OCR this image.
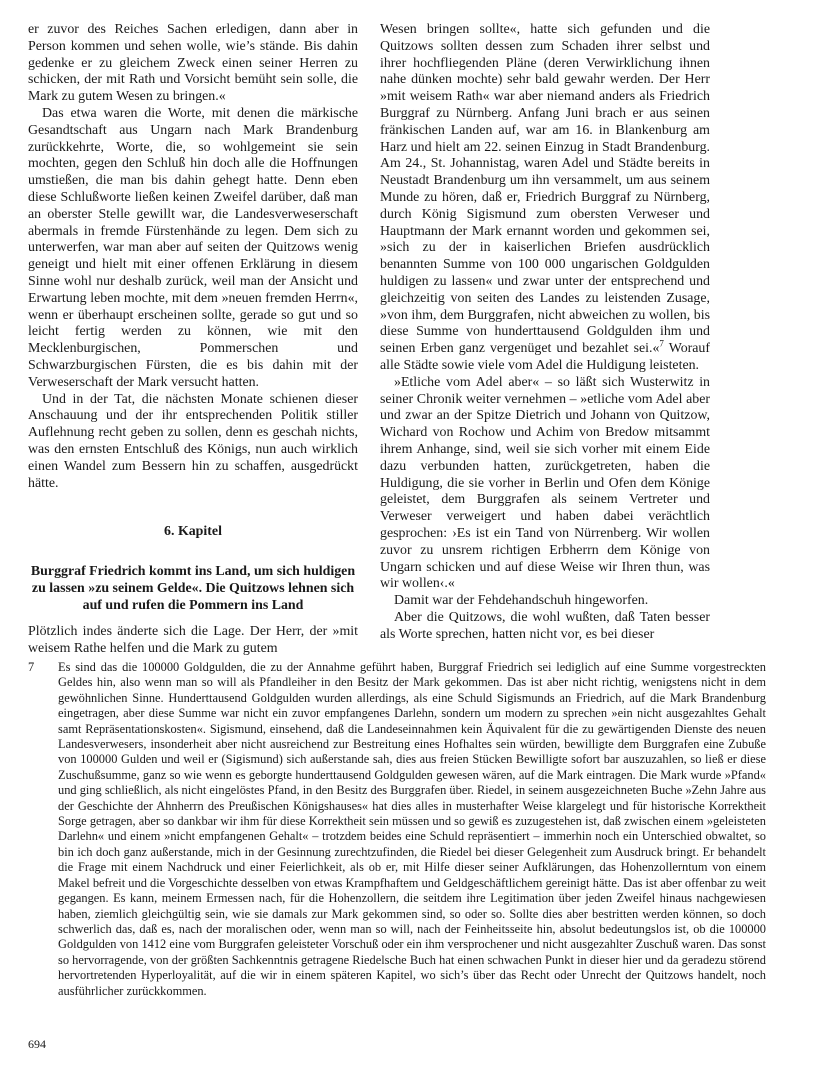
er zuvor des Reiches Sachen erledigen, dann aber in Person kommen und sehen wolle, wie’s stände. Bis dahin gedenke er zu gleichem Zweck einen seiner Herren zu schicken, der mit Rath und Vorsicht bemüht sein solle, die Mark zu gutem Wesen zu bringen.«

Das etwa waren die Worte, mit denen die märkische Gesandtschaft aus Ungarn nach Mark Brandenburg zurückkehrte, Worte, die, so wohlgemeint sie sein mochten, gegen den Schluß hin doch alle die Hoffnungen umstießen, die man bis dahin gehegt hatte. Denn eben diese Schlußworte ließen keinen Zweifel darüber, daß man an oberster Stelle gewillt war, die Landesverweserschaft abermals in fremde Fürstenhände zu legen. Dem sich zu unterwerfen, war man aber auf seiten der Quitzows wenig geneigt und hielt mit einer offenen Erklärung in diesem Sinne wohl nur deshalb zurück, weil man der Ansicht und Erwartung leben mochte, mit dem »neuen fremden Herrn«, wenn er überhaupt erscheinen sollte, gerade so gut und so leicht fertig werden zu können, wie mit den Mecklenburgischen, Pommerschen und Schwarzburgischen Fürsten, die es bis dahin mit der Verweserschaft der Mark versucht hatten.

Und in der Tat, die nächsten Monate schienen dieser Anschauung und der ihr entsprechenden Politik stiller Auflehnung recht geben zu sollen, denn es geschah nichts, was den ernsten Entschluß des Königs, nun auch wirklich einen Wandel zum Bessern hin zu schaffen, ausgedrückt hätte.

6. Kapitel
Burggraf Friedrich kommt ins Land, um sich huldigen zu lassen »zu seinem Gelde«. Die Quitzows lehnen sich auf und rufen die Pommern ins Land

Plötzlich indes änderte sich die Lage. Der Herr, der »mit weisem Rathe helfen und die Mark zu gutem

Wesen bringen sollte«, hatte sich gefunden und die Quitzows sollten dessen zum Schaden ihrer selbst und ihrer hochfliegenden Pläne (deren Verwirklichung ihnen nahe dünken mochte) sehr bald gewahr werden. Der Herr »mit weisem Rath« war aber niemand anders als Friedrich Burggraf zu Nürnberg. Anfang Juni brach er aus seinen fränkischen Landen auf, war am 16. in Blankenburg am Harz und hielt am 22. seinen Einzug in Stadt Brandenburg. Am 24., St. Johannistag, waren Adel und Städte bereits in Neustadt Brandenburg um ihn versammelt, um aus seinem Munde zu hören, daß er, Friedrich Burggraf zu Nürnberg, durch König Sigismund zum obersten Verweser und Hauptmann der Mark ernannt worden und gekommen sei, »sich zu der in kaiserlichen Briefen ausdrücklich benannten Summe von 100 000 ungarischen Goldgulden huldigen zu lassen« und zwar unter der entsprechend und gleichzeitig von seiten des Landes zu leistenden Zusage, »von ihm, dem Burggrafen, nicht abweichen zu wollen, bis diese Summe von hunderttausend Goldgulden ihm und seinen Erben ganz vergenüget und bezahlet sei.«$^7$ Worauf alle Städte sowie viele vom Adel die Huldigung leisteten.

»Etliche vom Adel aber« – so läßt sich Wusterwitz in seiner Chronik weiter vernehmen – »etliche vom Adel aber und zwar an der Spitze Dietrich und Johann von Quitzow, Wichard von Rochow und Achim von Bredow mitsammt ihrem Anhange, sind, weil sie sich vorher mit einem Eide dazu verbunden hatten, zurückgetreten, haben die Huldigung, die sie vorher in Berlin und Ofen dem Könige geleistet, dem Burggrafen als seinem Vertreter und Verweser verweigert und haben dabei verächtlich gesprochen: ›Es ist ein Tand von Nürrenberg. Wir wollen zuvor zu unsrem richtigen Erbherrn dem Könige von Ungarn schicken und auf diese Weise wir Ihren thun, was wir wollen‹.«

Damit war der Fehdehandschuh hingeworfen.

Aber die Quitzows, die wohl wußten, daß Taten besser als Worte sprechen, hatten nicht vor, es bei dieser

7 Es sind das die 100000 Goldgulden, die zu der Annahme geführt haben, Burggraf Friedrich sei lediglich auf eine Summe vorgestreckten Geldes hin, also wenn man so will als Pfandleiher in den Besitz der Mark gekommen. Das ist aber nicht richtig, wenigstens nicht in dem gewöhnlichen Sinne. Hunderttausend Goldgulden wurden allerdings, als eine Schuld Sigismunds an Friedrich, auf die Mark Brandenburg eingetragen, aber diese Summe war nicht ein zuvor empfangenes Darlehn, sondern um modern zu sprechen »ein nicht ausgezahltes Gehalt samt Repräsentationskosten«. Sigismund, einsehend, daß die Landeseinnahmen kein Äquivalent für die zu gewärtigenden Dienste des neuen Landesverwesers, insonderheit aber nicht ausreichend zur Bestreitung eines Hofhaltes sein würden, bewilligte dem Burggrafen eine Zubuße von 100000 Gulden und weil er (Sigismund) sich außerstande sah, dies aus freien Stücken Bewilligte sofort bar auszuzahlen, so ließ er diese Zuschußsumme, ganz so wie wenn es geborgte hunderttausend Goldgulden gewesen wären, auf die Mark eintragen. Die Mark wurde »Pfand« und ging schließlich, als nicht eingelöstes Pfand, in den Besitz des Burggrafen über. Riedel, in seinem ausgezeichneten Buche »Zehn Jahre aus der Geschichte der Ahnherrn des Preußischen Königshauses« hat dies alles in musterhafter Weise klargelegt und für historische Korrektheit Sorge getragen, aber so dankbar wir ihm für diese Korrektheit sein müssen und so gewiß es zuzugestehen ist, daß zwischen einem »geleisteten Darlehn« und einem »nicht empfangenen Gehalt« – trotzdem beides eine Schuld repräsentiert – immerhin noch ein Unterschied obwaltet, so bin ich doch ganz außerstande, mich in der Gesinnung zurechtzufinden, die Riedel bei dieser Gelegenheit zum Ausdruck bringt. Er behandelt die Frage mit einem Nachdruck und einer Feierlichkeit, als ob er, mit Hilfe dieser seiner Aufklärungen, das Hohenzollerntum von einem Makel befreit und die Vorgeschichte desselben von etwas Krampfhaftem und Geldgeschäftlichem gereinigt hätte. Das ist aber offenbar zu weit gegangen. Es kann, meinem Ermessen nach, für die Hohenzollern, die seitdem ihre Legitimation über jeden Zweifel hinaus nachgewiesen haben, ziemlich gleichgültig sein, wie sie damals zur Mark gekommen sind, so oder so. Sollte dies aber bestritten werden können, so doch schwerlich das, daß es, nach der moralischen oder, wenn man so will, nach der Feinheitsseite hin, absolut bedeutungslos ist, ob die 100000 Goldgulden von 1412 eine vom Burggrafen geleisteter Vorschuß oder ein ihm versprochener und nicht ausgezahlter Zuschuß waren. Das sonst so hervorragende, von der größten Sachkenntnis getragene Riedelsche Buch hat einen schwachen Punkt in dieser hier und da geradezu störend hervortretenden Hyperloyalität, auf die wir in einem späteren Kapitel, wo sich’s über das Recht oder Unrecht der Quitzows handelt, noch ausführlicher zurückkommen.
694
